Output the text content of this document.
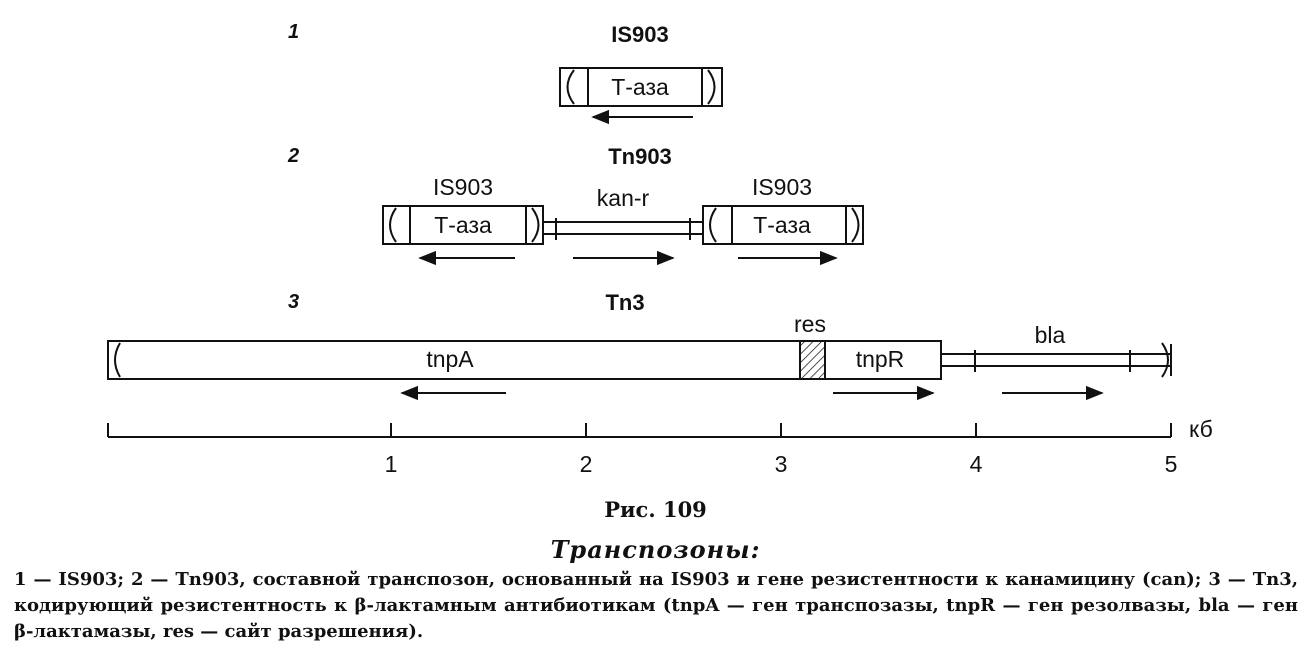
1	IS903
Т-аза
2	Tn903
IS903	kan-r	IS903
Т-аза	Т-аза
3	Tn3
res	bla
tnpA	tnpR
кб
1	2	3	4	5
Рис. 109
Транспозоны:
1 — IS903; 2 — Tn903, составной транспозон, основанный на IS903 и гене резистентности к канамицину (can); 3 — Tn3, кодирующий резистентность к β-лактамным антибиотикам (tnpA — ген транспозазы, tnpR — ген резолвазы, bla — ген β-лактамазы, res — сайт разрешения).
